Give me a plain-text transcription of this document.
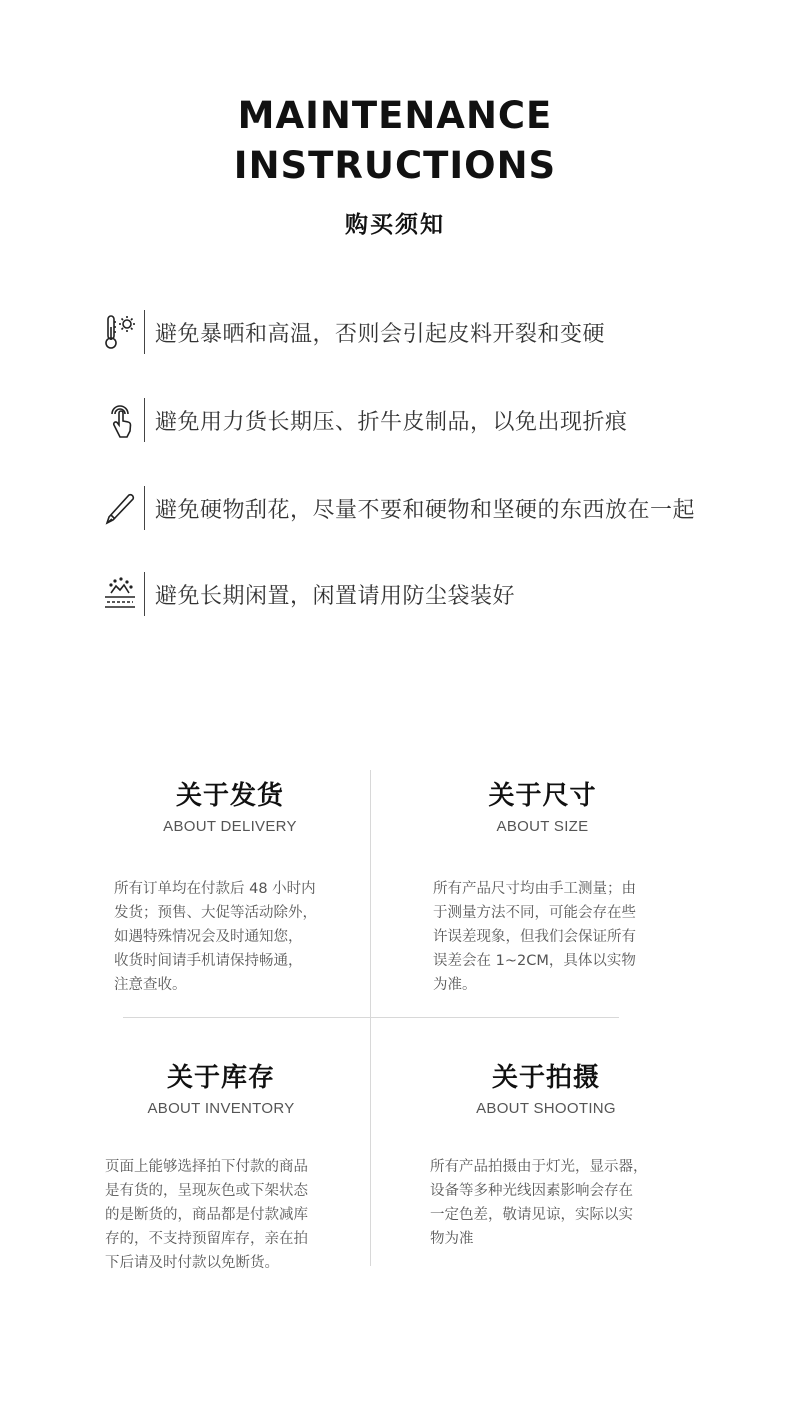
MAINTENANCE
INSTRUCTIONS
购买须知
避免暴晒和高温，否则会引起皮料开裂和变硬
避免用力货长期压、折牛皮制品，以免出现折痕
避免硬物刮花，尽量不要和硬物和坚硬的东西放在一起
避免长期闲置，闲置请用防尘袋装好
关于发货
ABOUT DELIVERY
所有订单均在付款后 48 小时内
发货；预售、大促等活动除外，
如遇特殊情况会及时通知您，
收货时间请手机请保持畅通，
注意查收。
关于尺寸
ABOUT SIZE
所有产品尺寸均由手工测量；由
于测量方法不同，可能会存在些
许误差现象，但我们会保证所有
误差会在 1~2CM，具体以实物
为准。
关于库存
ABOUT INVENTORY
页面上能够选择拍下付款的商品
是有货的，呈现灰色或下架状态
的是断货的，商品都是付款减库
存的，不支持预留库存，亲在拍
下后请及时付款以免断货。
关于拍摄
ABOUT SHOOTING
所有产品拍摄由于灯光，显示器，
设备等多种光线因素影响会存在
一定色差，敬请见谅，实际以实
物为准
